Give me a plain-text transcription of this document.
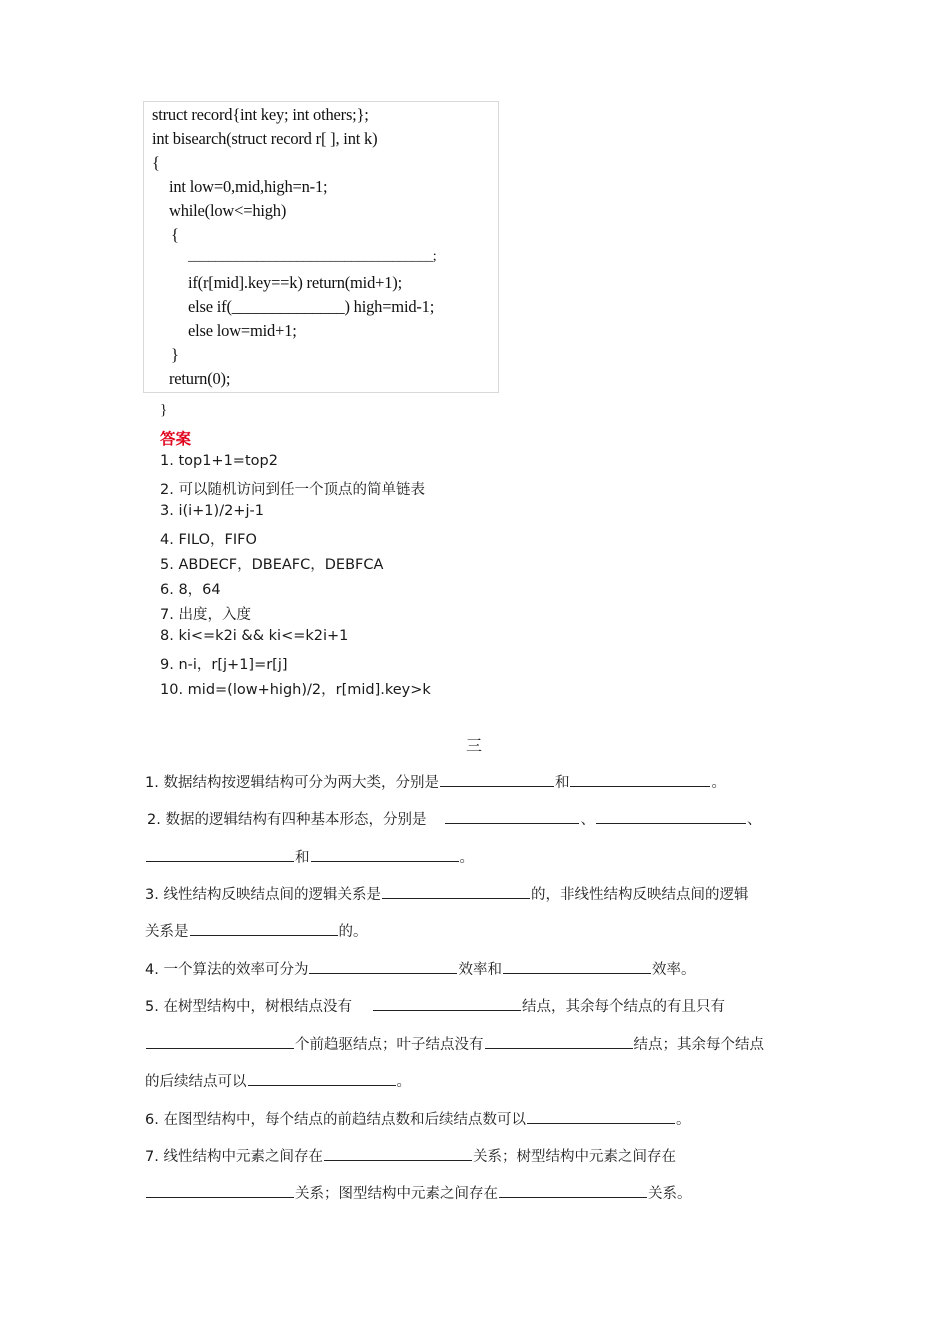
struct record{int key; int others;};
int bisearch(struct record r[ ], int k)
{
int low=0,mid,high=n-1;
while(low<=high)
{
____________________________________;
if(r[mid].key==k) return(mid+1);
else if(______________) high=mid-1;
else low=mid+1;
}
return(0);
}
答案
1. top1+1=top2
2. 可以随机访问到任一个顶点的简单链表
3. i(i+1)/2+j-1
4. FILO，FIFO
5. ABDECF，DBEAFC，DEBFCA
6. 8，64
7. 出度，入度
8. ki<=k2i && ki<=k2i+1
9. n-i，r[j+1]=r[j]
10. mid=(low+high)/2，r[mid].key>k
三
1. 数据结构按逻辑结构可分为两大类，分别是	和	。
2. 数据的逻辑结构有四种基本形态，分别是	、	、
和	。
3. 线性结构反映结点间的逻辑关系是	的，非线性结构反映结点间的逻辑
关系是	的。
4. 一个算法的效率可分为	效率和	效率。
5. 在树型结构中，树根结点没有	结点，其余每个结点的有且只有
个前趋驱结点；叶子结点没有	结点；其余每个结点
的后续结点可以	。
6. 在图型结构中，每个结点的前趋结点数和后续结点数可以	。
7. 线性结构中元素之间存在	关系；树型结构中元素之间存在
关系；图型结构中元素之间存在	关系。
